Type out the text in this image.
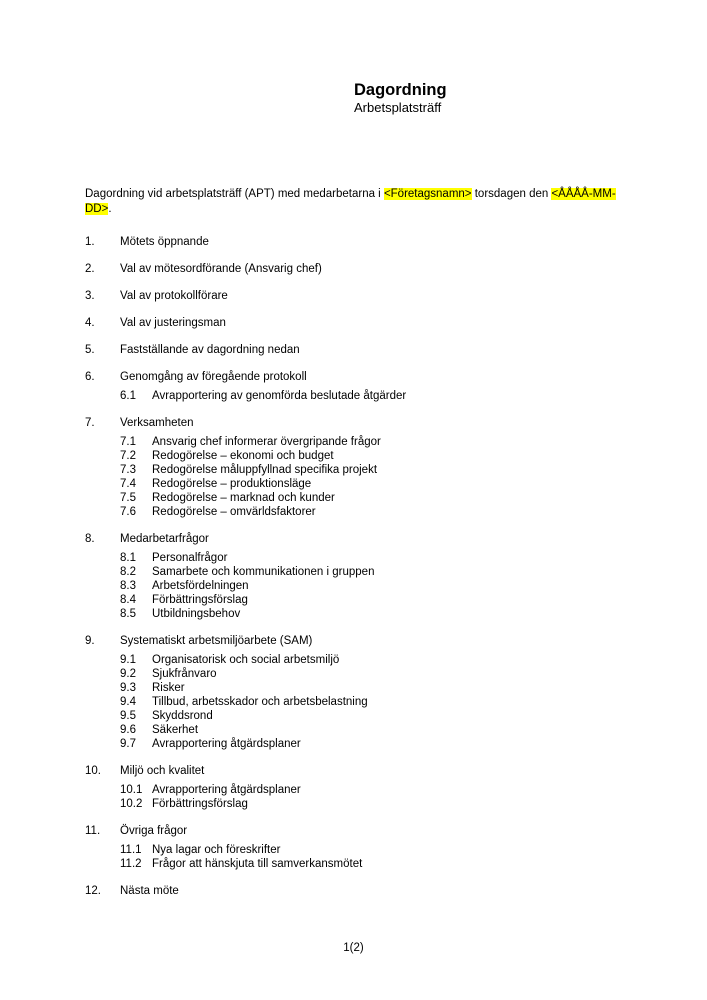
Dagordning
Arbetsplatsträff

Dagordning vid arbetsplatsträff (APT) med medarbetarna i <Företagsnamn> torsdagen den <ÅÅÅÅ-MM-DD>.

1.	Mötets öppnande
2.	Val av mötesordförande (Ansvarig chef)
3.	Val av protokollförare
4.	Val av justeringsman
5.	Fastställande av dagordning nedan
6.	Genomgång av föregående protokoll
6.1	Avrapportering av genomförda beslutade åtgärder
7.	Verksamheten
7.1	Ansvarig chef informerar övergripande frågor
7.2	Redogörelse – ekonomi och budget
7.3	Redogörelse måluppfyllnad specifika projekt
7.4	Redogörelse – produktionsläge
7.5	Redogörelse – marknad och kunder
7.6	Redogörelse – omvärldsfaktorer
8.	Medarbetarfrågor
8.1	Personalfrågor
8.2	Samarbete och kommunikationen i gruppen
8.3	Arbetsfördelningen
8.4	Förbättringsförslag
8.5	Utbildningsbehov
9.	Systematiskt arbetsmiljöarbete (SAM)
9.1	Organisatorisk och social arbetsmiljö
9.2	Sjukfrånvaro
9.3	Risker
9.4	Tillbud, arbetsskador och arbetsbelastning
9.5	Skyddsrond
9.6	Säkerhet
9.7	Avrapportering åtgärdsplaner
10.	Miljö och kvalitet
10.1 Avrapportering åtgärdsplaner
10.2 Förbättringsförslag
11.	Övriga frågor
11.1 Nya lagar och föreskrifter
11.2 Frågor att hänskjuta till samverkansmötet
12.	Nästa möte
1(2)
